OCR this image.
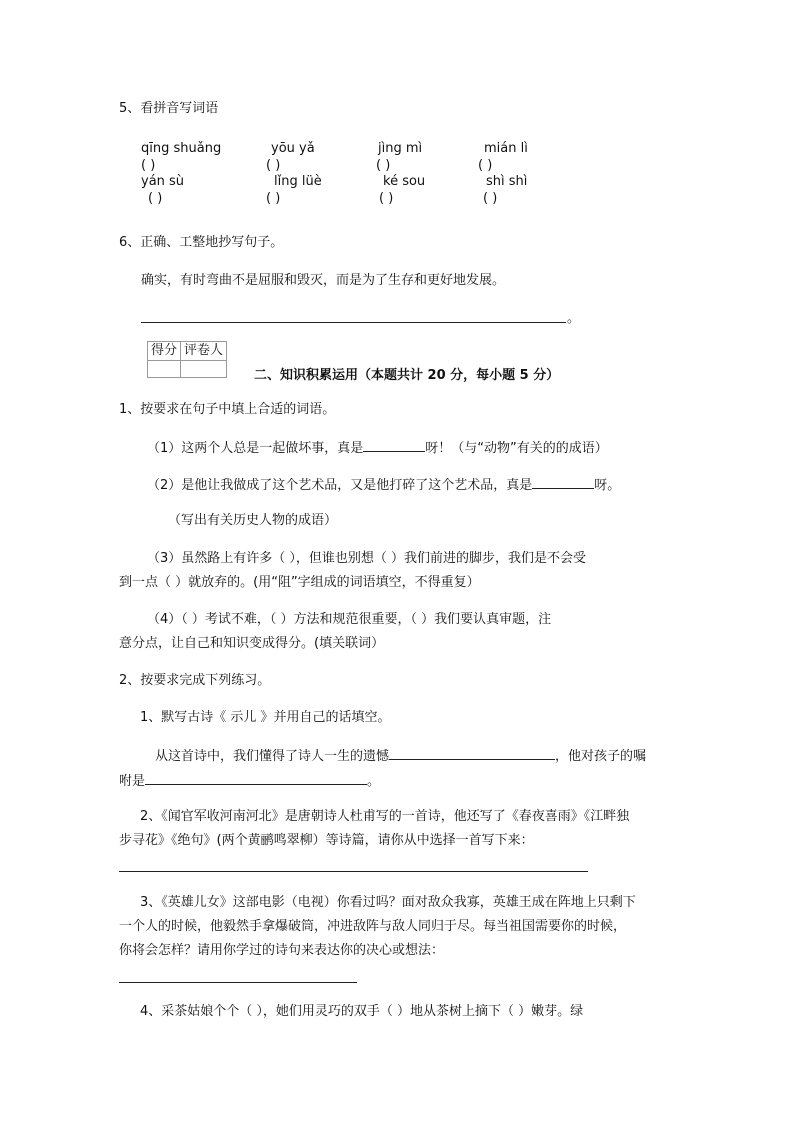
5、看拼音写词语
qīng shuǎng	yōu yǎ	jìng mì	mián lì
( )	( )	( )	( )
yán sù	lǐng lüè	ké sou	shì shì
( )	( )	( )	( )
6、正确、工整地抄写句子。
确实，有时弯曲不是屈服和毁灭，而是为了生存和更好地发展。
。
得分	评卷人

二、知识积累运用（本题共计 20 分，每小题 5 分）
1、按要求在句子中填上合适的词语。
（1）这两个人总是一起做坏事，真是	呀！（与“动物”有关的的成语）
（2）是他让我做成了这个艺术品，又是他打碎了这个艺术品，真是	呀。
（写出有关历史人物的成语）
（3）虽然路上有许多（ ），但谁也别想（ ）我们前进的脚步，我们是不会受
到一点（ ）就放弃的。(用“阻”字组成的词语填空，不得重复）
（4）（ ）考试不难，（ ）方法和规范很重要，（ ）我们要认真审题，注
意分点，让自己和知识变成得分。(填关联词）
2、按要求完成下列练习。
1、默写古诗《 示儿 》并用自己的话填空。
从这首诗中，我们懂得了诗人一生的遗憾	，他对孩子的嘱
咐是	。
2、《闻官军收河南河北》是唐朝诗人杜甫写的一首诗，他还写了《春夜喜雨》《江畔独
步寻花》《绝句》(两个黄鹂鸣翠柳）等诗篇，请你从中选择一首写下来：
3、《英雄儿女》这部电影（电视）你看过吗？面对敌众我寡，英雄王成在阵地上只剩下
一个人的时候，他毅然手拿爆破筒，冲进敌阵与敌人同归于尽。每当祖国需要你的时候，
你将会怎样？请用你学过的诗句来表达你的决心或想法：
4、采茶姑娘个个（ ），她们用灵巧的双手（ ）地从茶树上摘下（ ）嫩芽。绿
